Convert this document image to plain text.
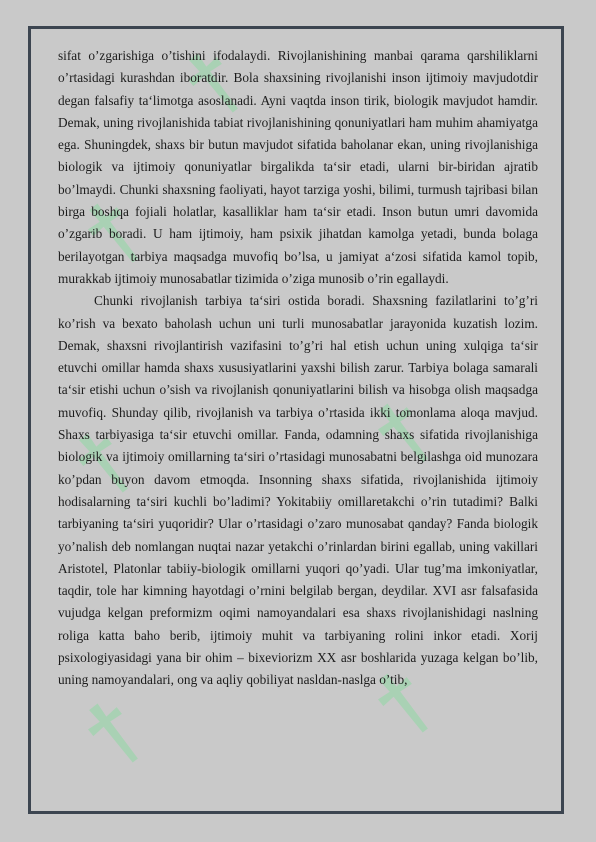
†
†
†
†
†
†

sifat o’zgarishiga o’tishini ifodalaydi. Rivojlanishining manbai qarama qarshiliklarni o’rtasidagi kurashdan iboratdir. Bola shaxsining rivojlanishi inson ijtimoiy mavjudotdir degan falsafiy ta‘limotga asoslanadi. Ayni vaqtda inson tirik, biologik mavjudot hamdir. Demak, uning rivojlanishida tabiat rivojlanishining qonuniyatlari ham muhim ahamiyatga ega. Shuningdek, shaxs bir butun mavjudot sifatida baholanar ekan, uning rivojlanishiga biologik va ijtimoiy qonuniyatlar birgalikda ta‘sir etadi, ularni bir-biridan ajratib bo’lmaydi. Chunki shaxsning faoliyati, hayot tarziga yoshi, bilimi, turmush tajribasi bilan birga boshqa fojiali holatlar, kasalliklar ham ta‘sir etadi. Inson butun umri davomida o’zgarib boradi. U ham ijtimoiy, ham psixik jihatdan kamolga yetadi, bunda bolaga berilayotgan tarbiya maqsadga muvofiq bo’lsa, u jamiyat a‘zosi sifatida kamol topib, murakkab ijtimoiy munosabatlar tizimida o’ziga munosib o’rin egallaydi.

Chunki rivojlanish tarbiya ta‘siri ostida boradi. Shaxsning fazilatlarini to’g’ri ko’rish va bexato baholash uchun uni turli munosabatlar jarayonida kuzatish lozim. Demak, shaxsni rivojlantirish vazifasini to’g’ri hal etish uchun uning xulqiga ta‘sir etuvchi omillar hamda shaxs xususiyatlarini yaxshi bilish zarur. Tarbiya bolaga samarali ta‘sir etishi uchun o’sish va rivojlanish qonuniyatlarini bilish va hisobga olish maqsadga muvofiq. Shunday qilib, rivojlanish va tarbiya o’rtasida ikki tomonlama aloqa mavjud. Shaxs tarbiyasiga ta‘sir etuvchi omillar. Fanda, odamning shaxs sifatida rivojlanishiga biologik va ijtimoiy omillarning ta‘siri o’rtasidagi munosabatni belgilashga oid munozara ko’pdan buyon davom etmoqda. Insonning shaxs sifatida, rivojlanishida ijtimoiy hodisalarning ta‘siri kuchli bo’ladimi? Yokitabiiy omillaretakchi o’rin tutadimi? Balki tarbiyaning ta‘siri yuqoridir? Ular o’rtasidagi o’zaro munosabat qanday? Fanda biologik yo’nalish deb nomlangan nuqtai nazar yetakchi o’rinlardan birini egallab, uning vakillari Aristotel, Platonlar tabiiy-biologik omillarni yuqori qo’yadi. Ular tug’ma imkoniyatlar, taqdir, tole har kimning hayotdagi o’rnini belgilab bergan, deydilar. XVI asr falsafasida vujudga kelgan preformizm oqimi namoyandalari esa shaxs rivojlanishidagi naslning roliga katta baho berib, ijtimoiy muhit va tarbiyaning rolini inkor etadi. Xorij psixologiyasidagi yana bir ohim – bixeviorizm XX asr boshlarida yuzaga kelgan bo’lib, uning namoyandalari, ong va aqliy qobiliyat nasldan-naslga o’tib,
